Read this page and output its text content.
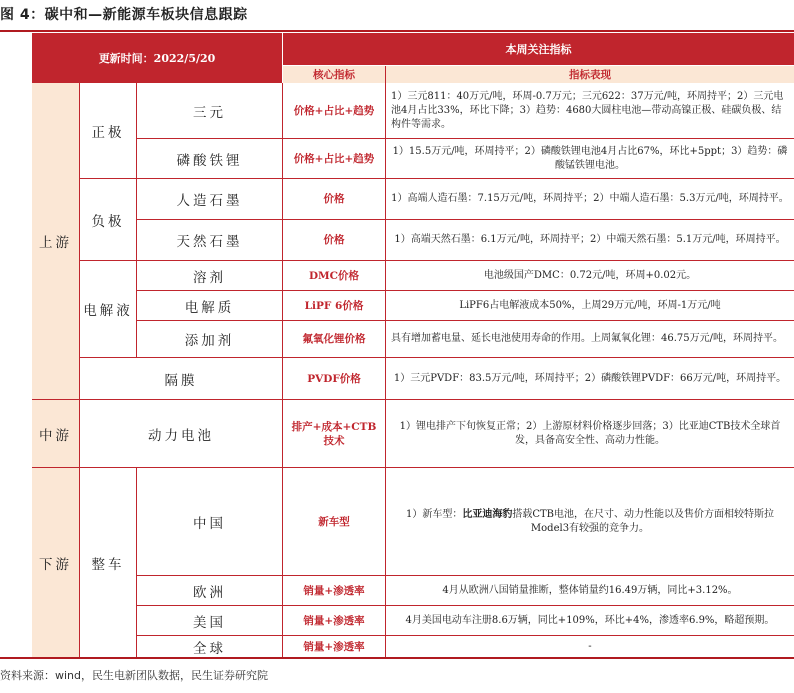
图 4：碳中和—新能源车板块信息跟踪
更新时间：2022/5/20
本周关注指标
核心指标	指标表现
上游
中游
下游
正极
负极
电解液
隔膜
动力电池
整车
三元
磷酸铁锂
人造石墨
天然石墨
溶剂
电解质
添加剂
中国
欧洲
美国
全球
价格+占比+趋势
价格+占比+趋势
价格
价格
DMC价格
LiPF 6价格
氟氧化锂价格
PVDF价格
排产+成本+CTB技术
新车型
销量+渗透率
销量+渗透率
销量+渗透率
1）三元811：40万元/吨，环周-0.7万元；三元622：37万元/吨，环周持平；2）三元电池4月占比33%，环比下降；3）趋势：4680大圆柱电池—带动高镍正极、硅碳负极、结构件等需求。
1）15.5万元/吨，环周持平；2）磷酸铁锂电池4月占比67%，环比+5ppt；3）趋势：磷酸锰铁锂电池。
1）高端人造石墨：7.15万元/吨，环周持平；2）中端人造石墨：5.3万元/吨，环周持平。
1）高端天然石墨：6.1万元/吨，环周持平；2）中端天然石墨：5.1万元/吨，环周持平。
电池级国产DMC：0.72元/吨，环周+0.02元。
LiPF6占电解液成本50%，上周29万元/吨，环周-1万元/吨
具有增加蓄电量、延长电池使用寿命的作用。上周氟氧化锂：46.75万元/吨，环周持平。
1）三元PVDF：83.5万元/吨，环周持平；2）磷酸铁锂PVDF：66万元/吨，环周持平。
1）锂电排产下旬恢复正常；2）上游原材料价格逐步回落；3）比亚迪CTB技术全球首发，具备高安全性、高动力性能。
1）新车型：比亚迪海豹搭载CTB电池，在尺寸、动力性能以及售价方面相较特斯拉Model3有较强的竞争力。
4月从欧洲八国销量推断，整体销量约16.49万辆，同比+3.12%。
4月美国电动车注册8.6万辆，同比+109%，环比+4%，渗透率6.9%，略超预期。
-
资料来源：wind，民生电新团队数据，民生证券研究院
